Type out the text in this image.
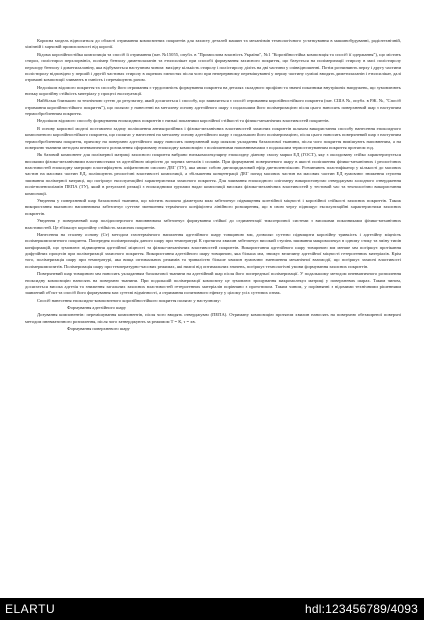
Корисна модель відноситься до області отримання композитних покриттів для захисту деталей машин та механізмів технологічного устаткування в машинобудуванні, радіотехнічній, хімічній і харчовій промисловості від корозії.

Відома корозійностійка композиція та спосіб її отримання (пат. №15055, опубл. в "Промислова власність України", №1 "Корозійностійка композиція та спосіб її одержання"), що містить стирол, полістирол перхлорвініл, полімер бензолу диметилаланін та етилсилікат при способі формування захисного покриття, що базується на полімеризації стиролу в масі полістиролу перхлору бензолу і диметилаланіну, яка відбувається наступним чином: вихідну кількість стиролу і полістиролу діліть на дві частини у співвідношенні. Потім розчиняють перху і другу частини полістиролу відповідно у першій і другій частинах стиролу в окремих ємностях після чого при неперервному перемішуванні у першу частину суміші вводять диметилаланін і етилсилікат, далі отримані композиції зливають в ємність і перемішують разом.

Недоліком відомого покриття та способу його отримання є трудоємність формування покриття на деталях складного профілю та значні показники внутрішніх напружень, що зумовлюють низьку корозійну стійкість матеріалу у процесі експлуатації.

Найбільш близькою за технічною суттю до результату, який досягається і способу, що заявляється є спосіб отримання корозійностійкого покриття (пат. США №, опубл. в РЖ. №, "Спосіб отримання корозійностійкого покриття"), що полягає у нанесенні на металеву основу адгезійного шару з подальшим його полімеризацією після цього наносять поверхневий шар з наступним термообробленням покриття.

Недоліком відомого способу формування епоксидних покриттів є низькі показники корозійної стійкості та фізико-механічних властивостей покриттів.

В основу корисної моделі поставлено задачу поліпшення антикорозійних і фізико-механічних властивостей захисних покриттів шляхом використання способу нанесення епоксидного композитного корозійностійкого покриття, що полягає у нанесенні на металеву основу адгезійного шару з подальшою його полімеризацією, після цього наносять поверхневий шар з наступним термообробленням покриття, причому на поверхню адгезійного шару наносять поверхневий шар шляхом укладання базальтової тканини, після чого покриття вимішують наповненим, а на поверхню тканини методом пневматичного розпилення сформовану епоксидну композицію з поліпшеними наповнювачами з подальшим термостатуванням покриття протягом год.

Як базовий компонент для полімерної матриці захисного покриття вибрано низькомолекулярну епоксидну діанову смолу марки ЕД (ГОСТ), яку з оксидовану стійко характеризується високими фізико-механічними властивостями та адгезійною міцністю до чорних металів і сплавів. При формуванні поверхневого шару в якості поліпшення фізико-механічних і реологічних властивостей епоксидну матрицю пластифікують аліфатичною смолою ДЕГ (ТУ), яка являє собою диглицидиловий ефір диетиленгліколю. Розчиняють пластифікатор у кількості до масових частин на масових частин ЕД, поліпшують реологічні властивості композиції, а збільшення концентрації ДЕГ понад масових частин на масових частин ЕД зумовлює зниження ступеня зшивання полімерної матриці, що погіршує експлуатаційні характеристики захисного покриття. Для зшивання епоксидного олігомеру використовуємо отверджувач холодного отвердження поліетиленполіамін ПЕПА (ТУ), який в результаті реакції з епоксидними групами надає композиції високих фізико-механічних властивостей у тестовий час та технологічно використання композиції.

Уведення у поверхневий шар базальтової тканини, що містить волокна діаметром мкм забезпечує підвищення когезійної міцності і корозійної стійкості захисних покриттів. Також використання вказаного наповнювача забезпечує суттєве зменшення термічного коефіцієнта лінійного розширення, що в свою чергу підвищує експлуатаційні характеристики захисних покриттів.

Уведення у поверхневий шар полідисперсного наповнювача забезпечує формування стійкої до седиментації тиксотропної системи з високими показниками фізико-механічних властивостей. Це збільшує корозійну стійкість захисних покриттів.

Нанесення на сталеву основу (Ст) методом газотермічного напилення адгезійного шару товщиною мм, дозволяє суттєво підвищити корозійну тривкість і адгезійну міцність полімеркомпозитного покриття. Попередня полімеризація даного шару при температурі К протягом хвилин забезпечує високий ступінь зшивання макромолекул в одному стику та зміну типів конформацій, що зумовлює підвищення адгезійної міцності та фізико-механічних властивостей покриттів. Використання адгезійного шару товщиною мм менше мм погіршує протікання дифузійних процесів при полімеризації захисного покриття. Використання адгезійного шару товщиною, яка більша мм, знижує величину адгезійної міцності гетерогенних матеріалів. Крім того, полімеризація шару при температурі, яка вища оптимальних режимів та тривалістю більше хвилин зумовлює зменшення механічної взаємодії, що погіршує захисні властивості полімеркомпозитів. Полімеризація шару при температурно-часових режимах, які нижчі від оптимальних значень, погіршує технологічні умови формування захисних покриттів.

Поверхневий шар товщиною мм наносять укладанням базальтової тканини на адгезійний шар після його попередньої полімеризації. У подальшому методом пневматичного розпилення епоксидну композицію наносять на поверхню тканини. При подальшій полімеризації композиту це зумовлює зрощування макромолекул матриці у поверхневих шарах. Таким чином, досягається висока адгезія та зниження загальних захисних властивостей гетерогенних матеріалів порівняно з прототипом. Таким чином, у порівнянні з відомими технічними рішеннями заявлений об'єкт та спосіб його формування має суттєві відмінності, а отримання позитивного ефекту у цілому усіх суттєвих ознак.

Спосіб нанесення епоксидно-композитного корозійностійкого покриття полягає у наступному:

Формування адгезійного шару

Дозування компонентів: перемішування компонентів, після чого вводять отверджувач (ПЕПА). Отриману композицію протягом хвилин наносять на поверхню обезжиреної поверхні методом пневматичного розпилення, після чого затверджують за режимом Т = К, τ = хв.

Формування поверхневого шару

ELARTU	hdl:123456789/4093
